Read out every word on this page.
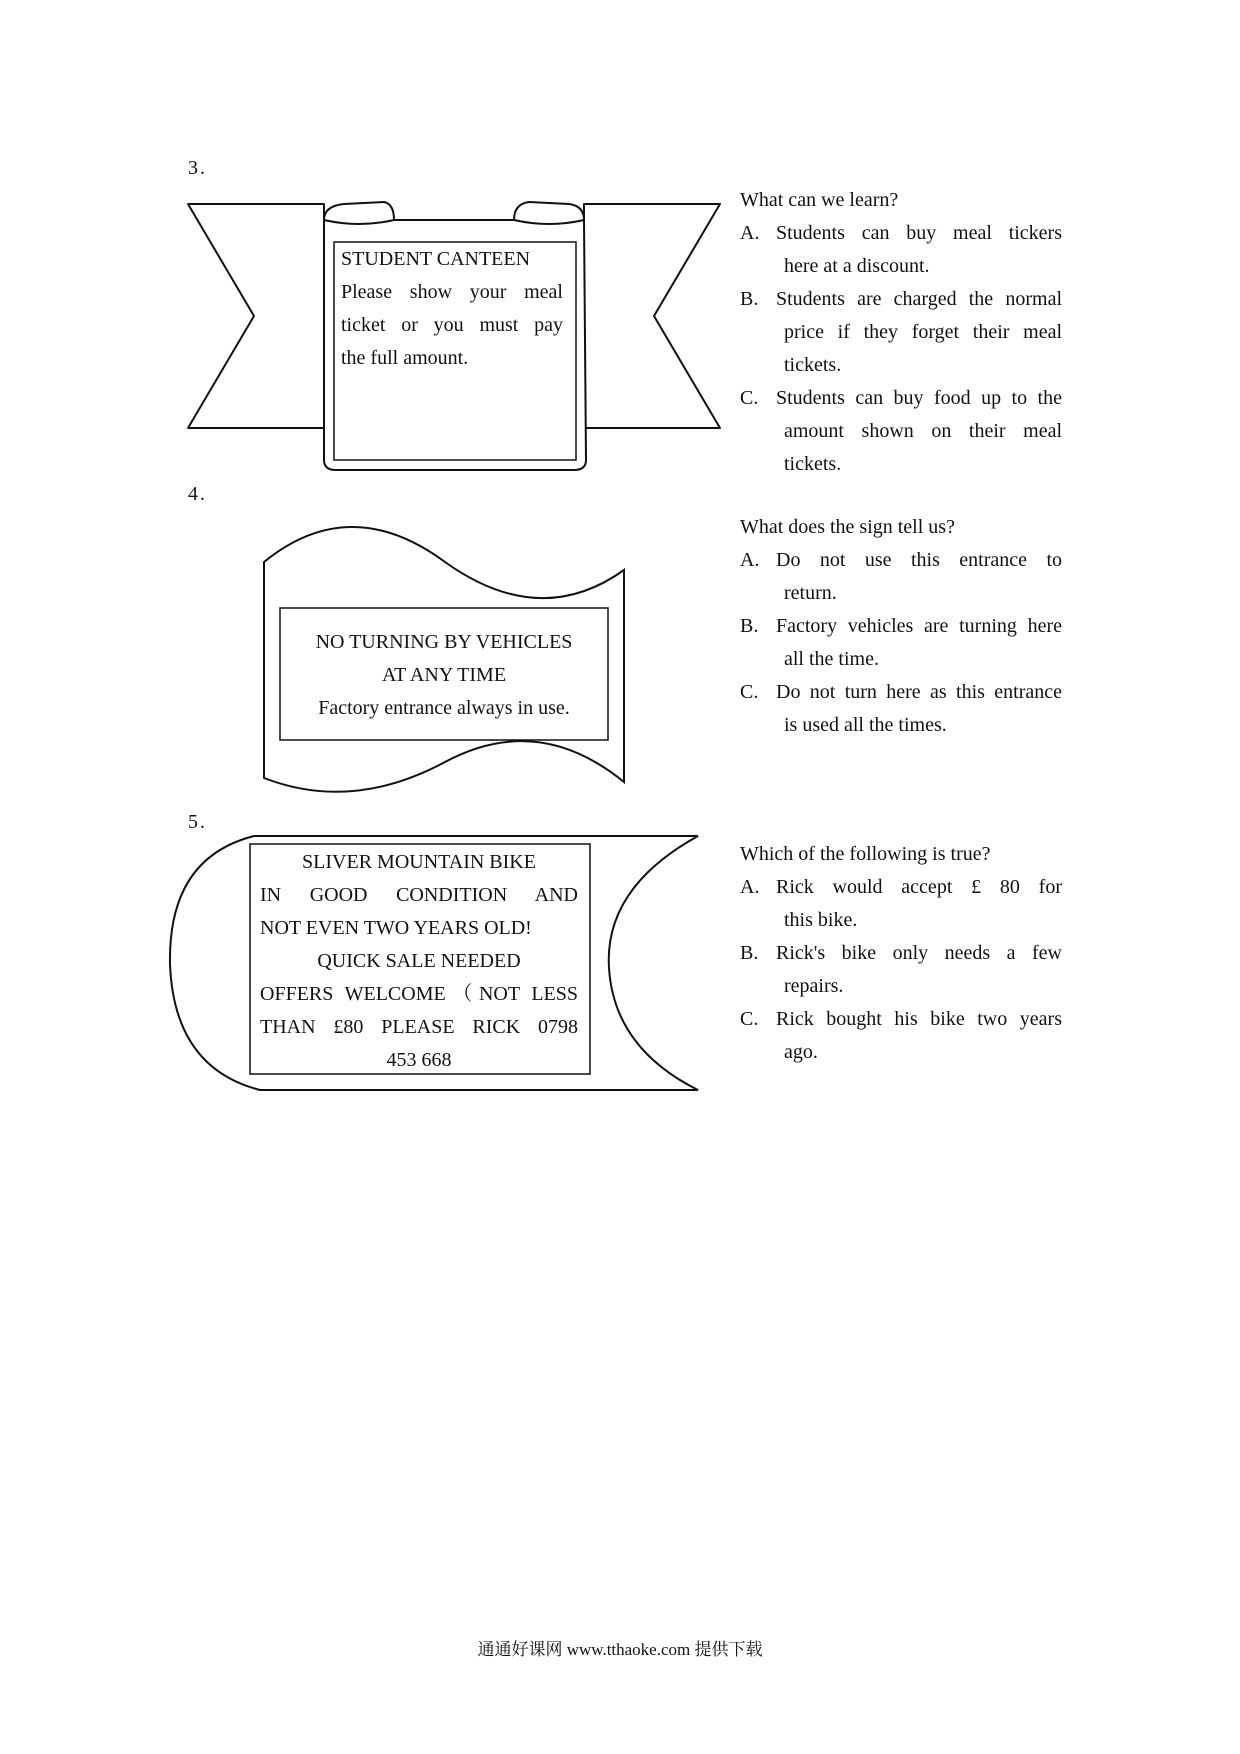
3.
STUDENT CANTEEN
Please show your meal
ticket or you must pay
the full amount.
What can we learn?
A. Students can buy meal tickers
here at a discount.
B. Students are charged the normal
price if they forget their meal tickets.
C. Students can buy food up to the
amount shown on their meal tickets.
4.
NO TURNING BY VEHICLES
AT ANY TIME
Factory entrance always in use.
What does the sign tell us?
A. Do not use this entrance to
return.
B. Factory vehicles are turning here
all the time.
C. Do not turn here as this entrance
is used all the times.
5.
SLIVER MOUNTAIN BIKE
IN GOOD CONDITION AND
NOT EVEN TWO YEARS OLD!
QUICK SALE NEEDED
OFFERS WELCOME（NOT LESS
THAN £80 PLEASE RICK 0798
453 668
Which of the following is true?
A. Rick would accept £ 80 for
this bike.
B. Rick's bike only needs a few
repairs.
C. Rick bought his bike two years
ago.
通通好课网 www.tthaoke.com 提供下载
